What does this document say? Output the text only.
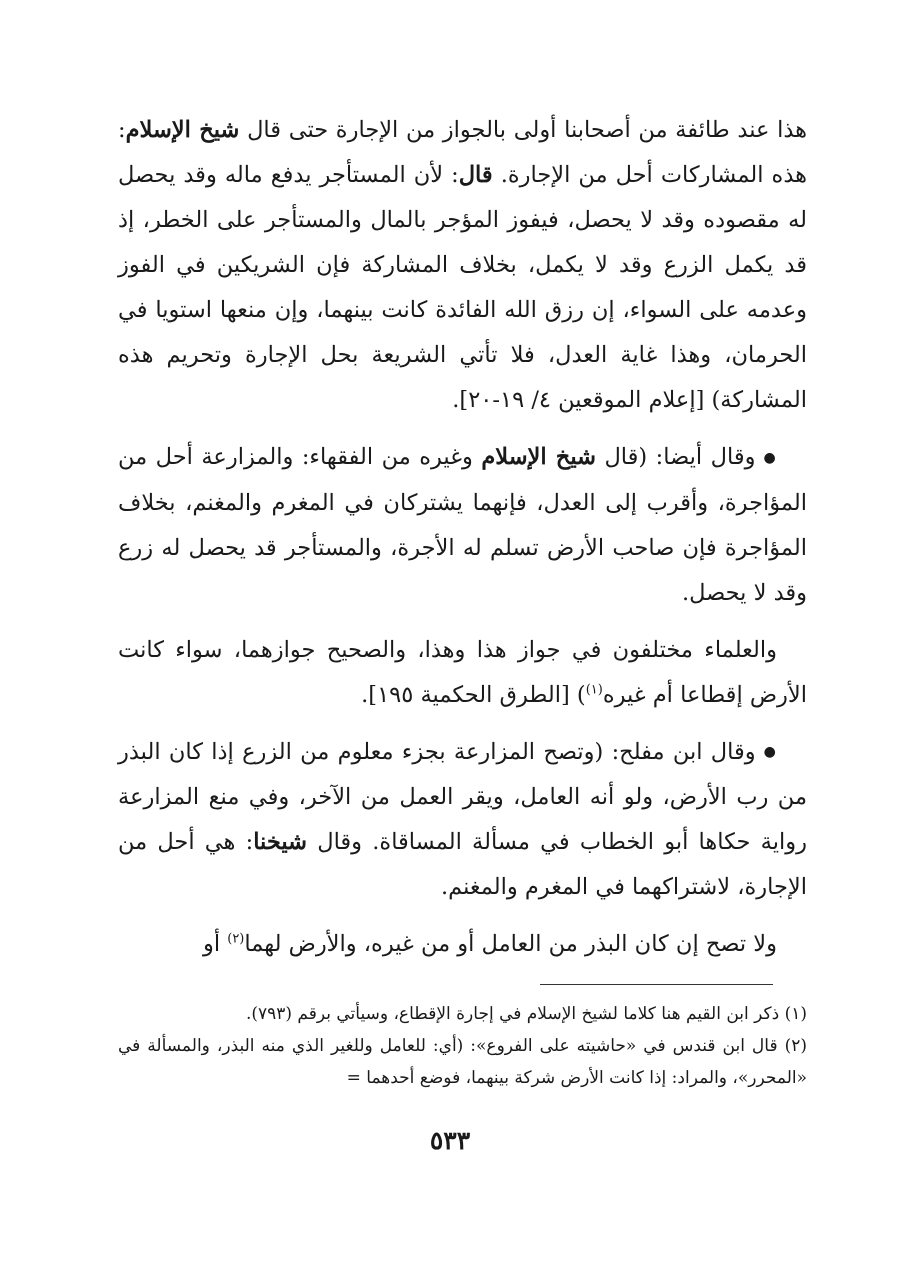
هذا عند طائفة من أصحابنا أولى بالجواز من الإجارة حتى قال شيخ الإسلام: هذه المشاركات أحل من الإجارة. قال: لأن المستأجر يدفع ماله وقد يحصل له مقصوده وقد لا يحصل، فيفوز المؤجر بالمال والمستأجر على الخطر، إذ قد يكمل الزرع وقد لا يكمل، بخلاف المشاركة فإن الشريكين في الفوز وعدمه على السواء، إن رزق الله الفائدة كانت بينهما، وإن منعها استويا في الحرمان، وهذا غاية العدل، فلا تأتي الشريعة بحل الإجارة وتحريم هذه المشاركة) [إعلام الموقعين ٤/ ١٩-٢٠].

●وقال أيضا: (قال شيخ الإسلام وغيره من الفقهاء: والمزارعة أحل من المؤاجرة، وأقرب إلى العدل، فإنهما يشتركان في المغرم والمغنم، بخلاف المؤاجرة فإن صاحب الأرض تسلم له الأجرة، والمستأجر قد يحصل له زرع وقد لا يحصل.

والعلماء مختلفون في جواز هذا وهذا، والصحيح جوازهما، سواء كانت الأرض إقطاعا أم غيره$^{(١)}$) [الطرق الحكمية ١٩٥].

●وقال ابن مفلح: (وتصح المزارعة بجزء معلوم من الزرع إذا كان البذر من رب الأرض، ولو أنه العامل، ويقر العمل من الآخر، وفي منع المزارعة رواية حكاها أبو الخطاب في مسألة المساقاة. وقال شيخنا: هي أحل من الإجارة، لاشتراكهما في المغرم والمغنم.

ولا تصح إن كان البذر من العامل أو من غيره، والأرض لهما$^{(٢)}$ أو

(١) ذكر ابن القيم هنا كلاما لشيخ الإسلام في إجارة الإقطاع، وسيأتي برقم (٧٩٣).

(٢) قال ابن قندس في «حاشيته على الفروع»: (أي: للعامل وللغير الذي منه البذر، والمسألة في «المحرر»، والمراد: إذا كانت الأرض شركة بينهما، فوضع أحدهما =

٥٣٣
